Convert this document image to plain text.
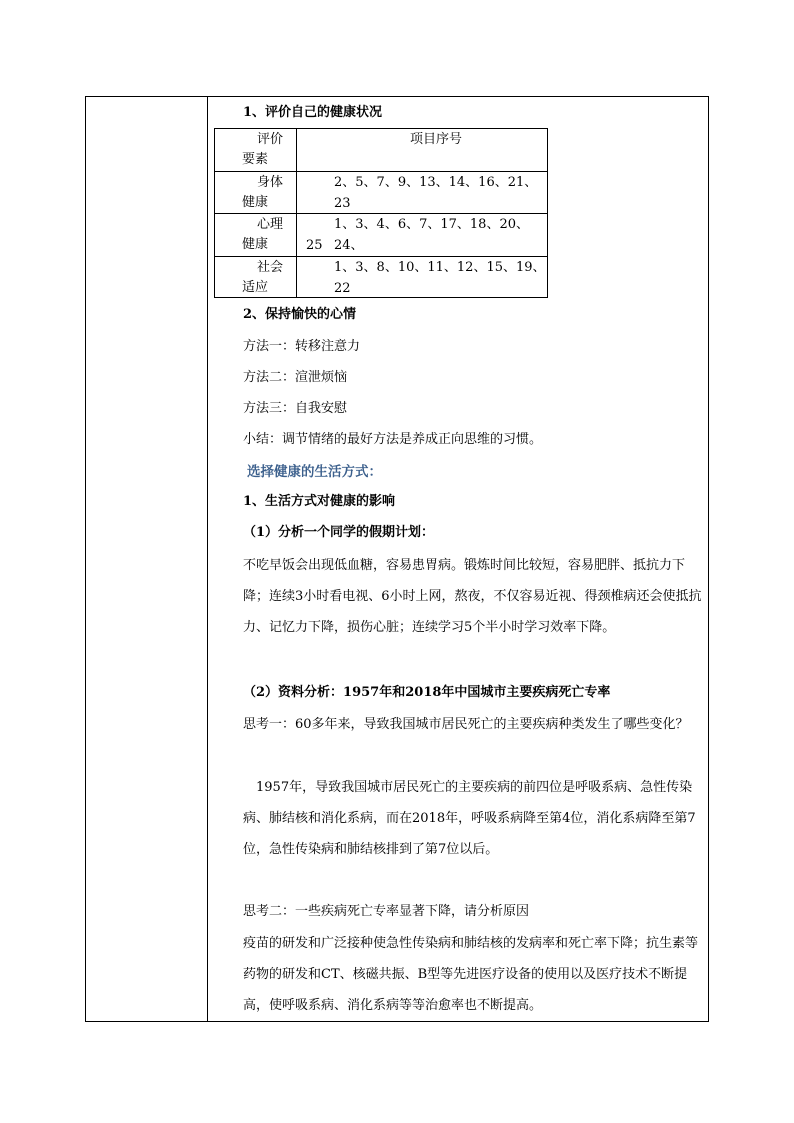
1、评价自己的健康状况
评价
要素
项目序号
身体
健康
2、5、7、9、13、14、16、21、23
心理
健康
1、3、4、6、7、17、18、20、24、
25
社会
适应
1、3、8、10、11、12、15、19、22
2、保持愉快的心情
方法一：转移注意力
方法二：渲泄烦恼
方法三：自我安慰
小结：调节情绪的最好方法是养成正向思维的习惯。
选择健康的生活方式：
1、生活方式对健康的影响
（1）分析一个同学的假期计划：
不吃早饭会出现低血糖，容易患胃病。锻炼时间比较短，容易肥胖、抵抗力下降；连续3小时看电视、6小时上网，熬夜，不仅容易近视、得颈椎病还会使抵抗力、记忆力下降，损伤心脏；连续学习5个半小时学习效率下降。
（2）资料分析：1957年和2018年中国城市主要疾病死亡专率
思考一：60多年来，导致我国城市居民死亡的主要疾病种类发生了哪些变化？
1957年，导致我国城市居民死亡的主要疾病的前四位是呼吸系病、急性传染病、肺结核和消化系病，而在2018年，呼吸系病降至第4位，消化系病降至第7位，急性传染病和肺结核排到了第7位以后。
思考二：一些疾病死亡专率显著下降，请分析原因
疫苗的研发和广泛接种使急性传染病和肺结核的发病率和死亡率下降；抗生素等药物的研发和CT、核磁共振、B型等先进医疗设备的使用以及医疗技术不断提高，使呼吸系病、消化系病等等治愈率也不断提高。
